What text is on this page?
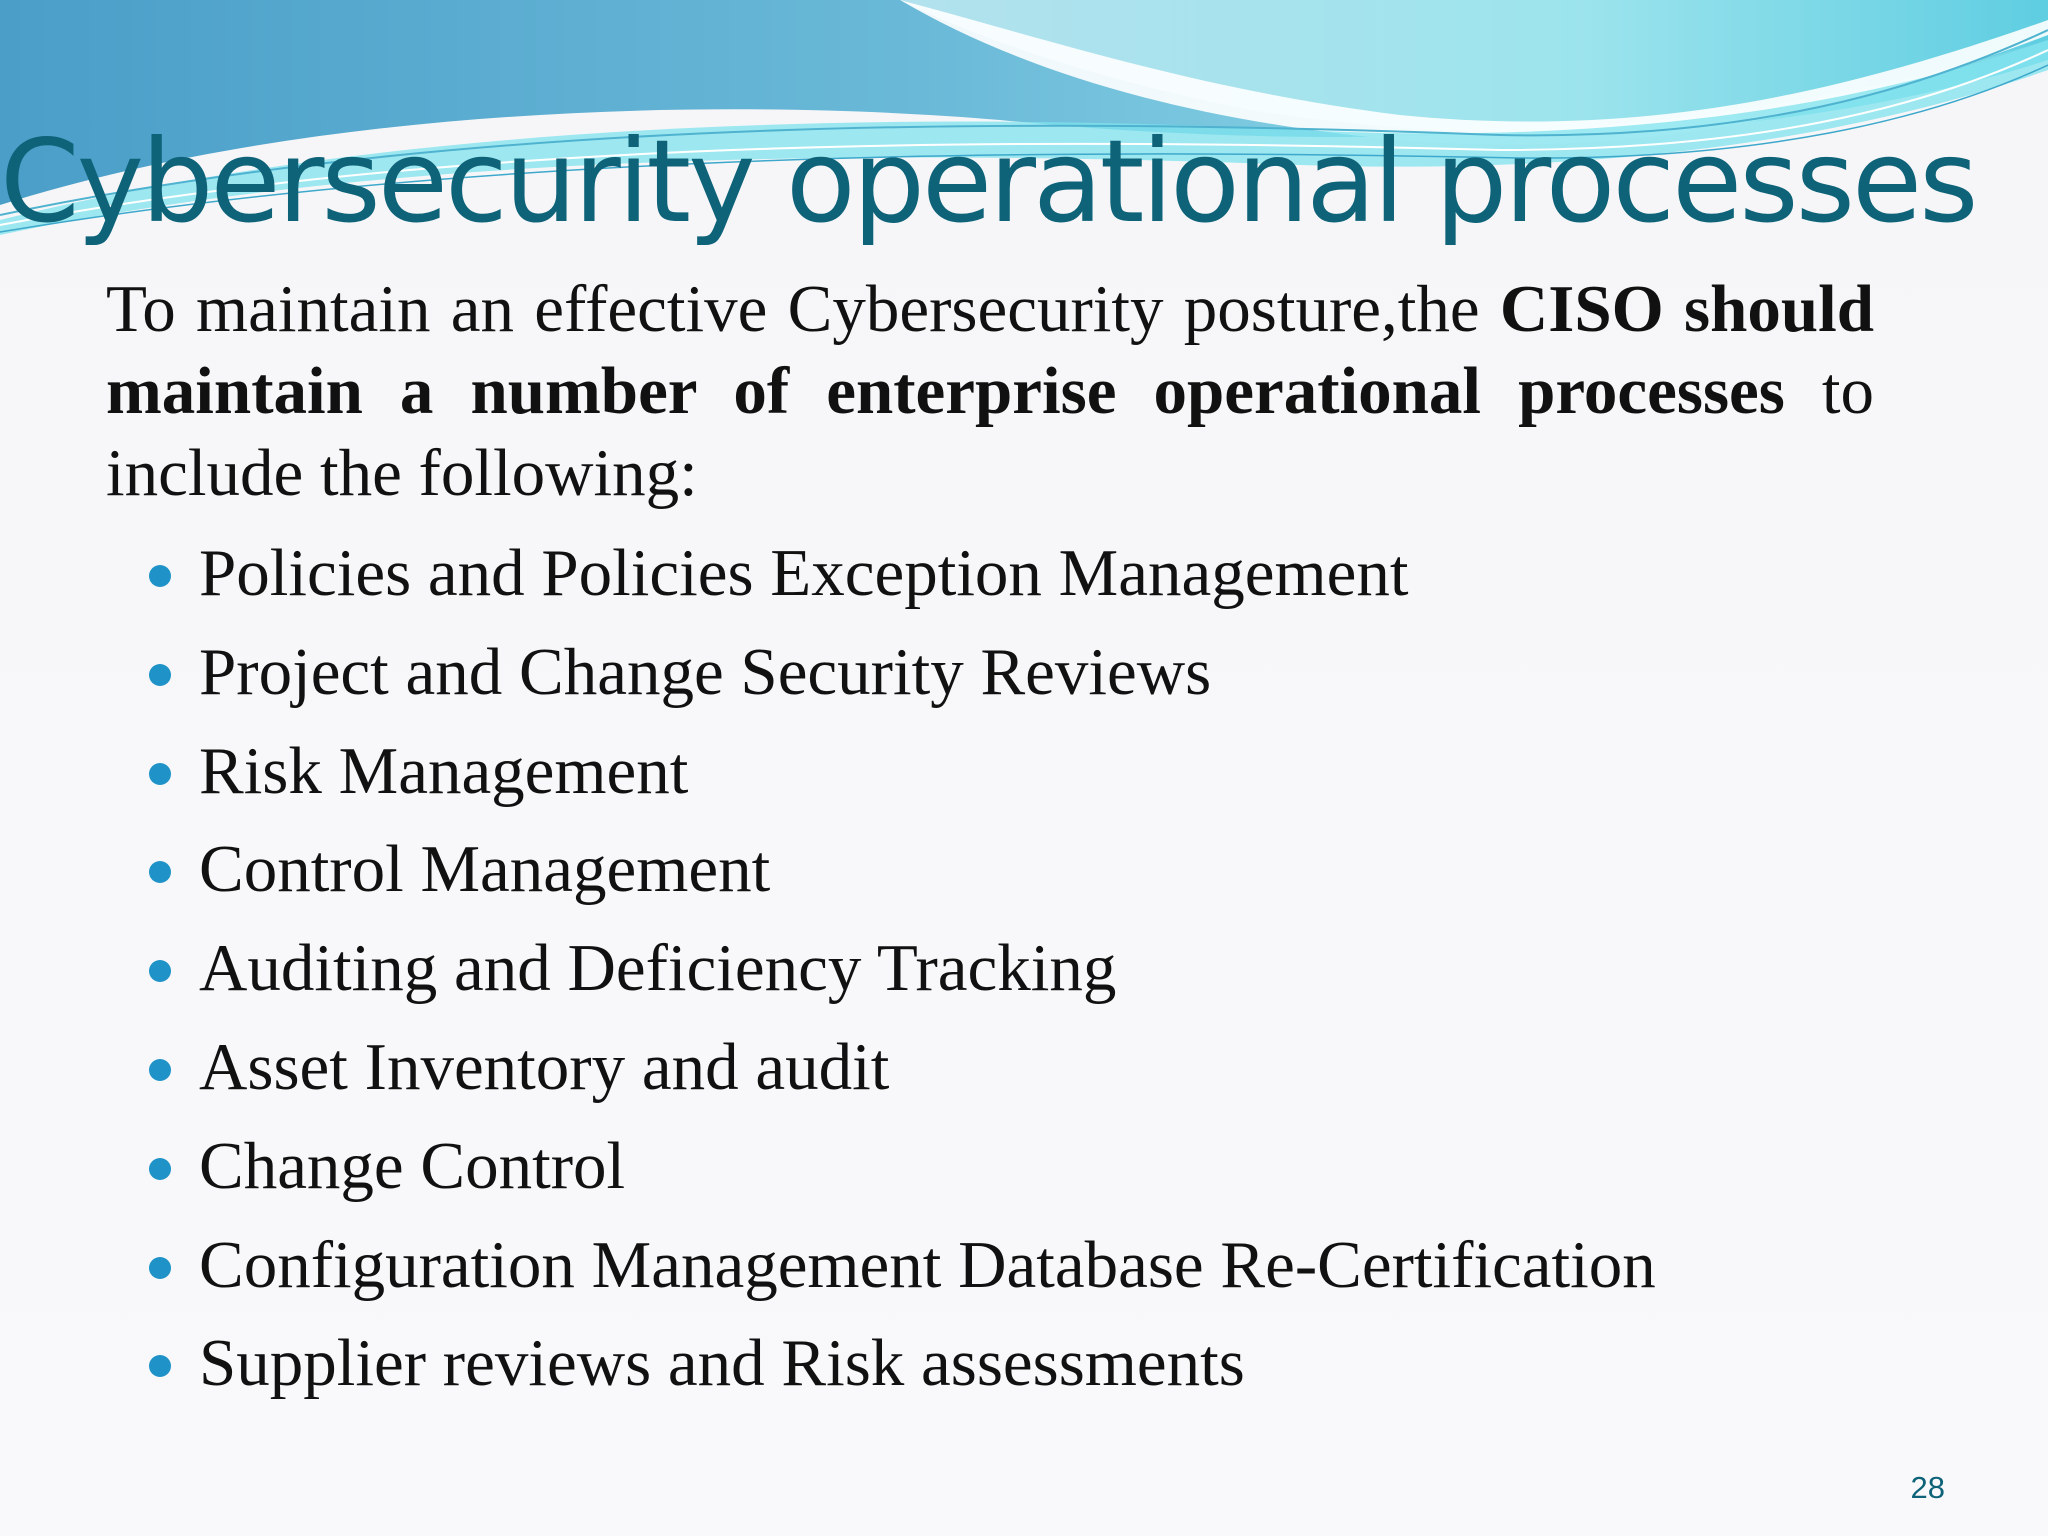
Cybersecurity operational processes

To maintain an effective Cybersecurity posture,the CISO should maintain a number of enterprise operational processes to include the following:

Policies and Policies Exception Management
Project and Change Security Reviews
Risk Management
Control Management
Auditing and Deficiency Tracking
Asset Inventory and audit
Change Control
Configuration Management Database Re-Certification
Supplier reviews and Risk assessments
28
